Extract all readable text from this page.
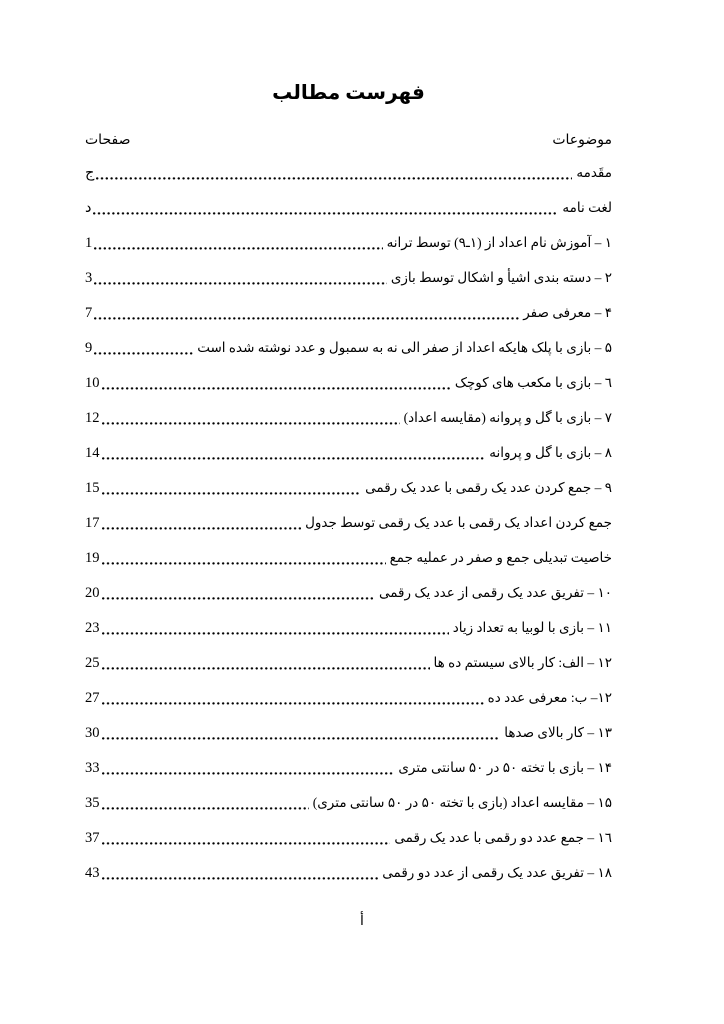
فهرست مطالب
موضوعات
صفحات
مقَدمه
ج
لغت نامه
د
۱ – آموزش نام اعداد از (۱ـ۹) توسط ترانه
1
۲ – دسته بندی اشیأ و اشکال توسط بازی
3
۴ – معرفی صفر
7
۵ – بازی با پلک هایکه اعداد از صفر الی نه به سمبول و عدد نوشته شده است
9
٦ – بازی با مکعب های کوچک
10
۷ – بازی با گل و پروانه (مقایسه اعداد)
12
۸ – بازی با گل و پروانه
14
۹ – جمع کردن عدد یک رقمی با عدد یک رقمی
15
جمع کردن اعداد یک رقمی با عدد یک رقمی توسط جدول
17
خاصیت تبدیلی جمع و صفر در عملیه جمع
19
۱۰ – تفریق عدد یک رقمی از عدد یک رقمی
20
۱۱ – بازی با لوبیا به تعداد زیاد
23
۱۲ – الف: کار بالای سیستم ده ها
25
۱۲– ب: معرفی عدد ده
27
۱۳ – کار بالای صدها
30
۱۴ – بازی با تخته ۵۰ در ۵۰ سانتی متری
33
۱۵ – مقایسه اعداد (بازی با تخته ۵۰ در ۵۰ سانتی متری)
35
۱٦ – جمع عدد دو رقمی با عدد یک رقمی
37
۱۸ – تفریق عدد یک رقمی از عدد دو رقمی
43
أ
